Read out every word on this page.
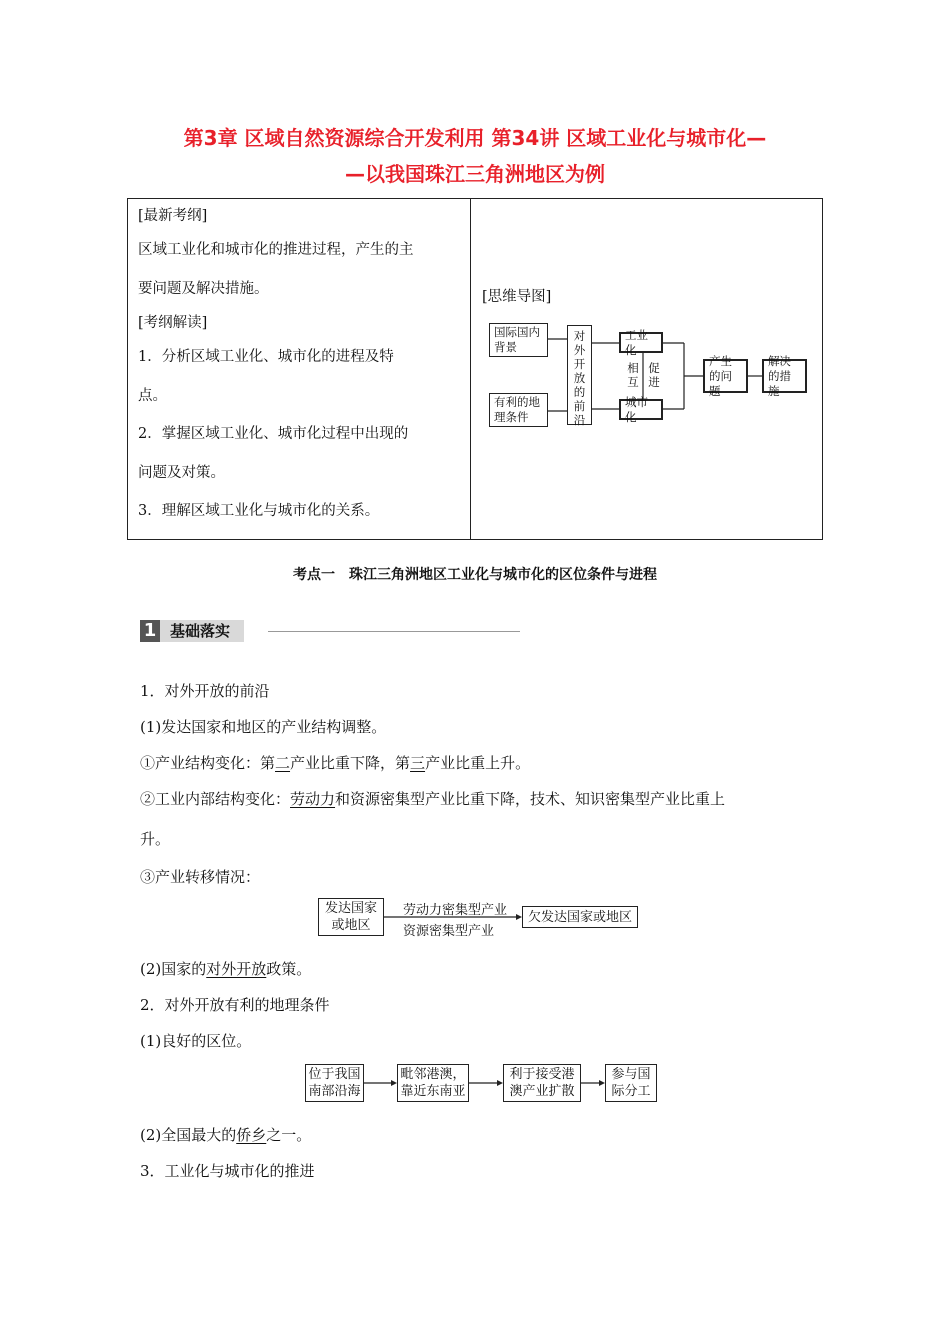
第3章 区域自然资源综合开发利用 第34讲 区域工业化与城市化—
—以我国珠江三角洲地区为例
[最新考纲]
区域工业化和城市化的推进过程，产生的主
要问题及解决措施。
[考纲解读]
1．分析区域工业化、城市化的进程及特
点。
2．掌握区域工业化、城市化过程中出现的
问题及对策。
3．理解区域工业化与城市化的关系。
[思维导图]
国际国内背景
有利的地理条件
对外开放的前沿
工业化
城市化
相互
促进
产生的问题
解决的措施
考点一　珠江三角洲地区工业化与城市化的区位条件与进程
1 基础落实
1．对外开放的前沿
(1)发达国家和地区的产业结构调整。
①产业结构变化：第二产业比重下降，第三产业比重上升。
②工业内部结构变化：劳动力和资源密集型产业比重下降，技术、知识密集型产业比重上
升。
③产业转移情况：
发达国家或地区
劳动力密集型产业
资源密集型产业
欠发达国家或地区
(2)国家的对外开放政策。
2．对外开放有利的地理条件
(1)良好的区位。
位于我国南部沿海
毗邻港澳，靠近东南亚
利于接受港澳产业扩散
参与国际分工
(2)全国最大的侨乡之一。
3．工业化与城市化的推进
